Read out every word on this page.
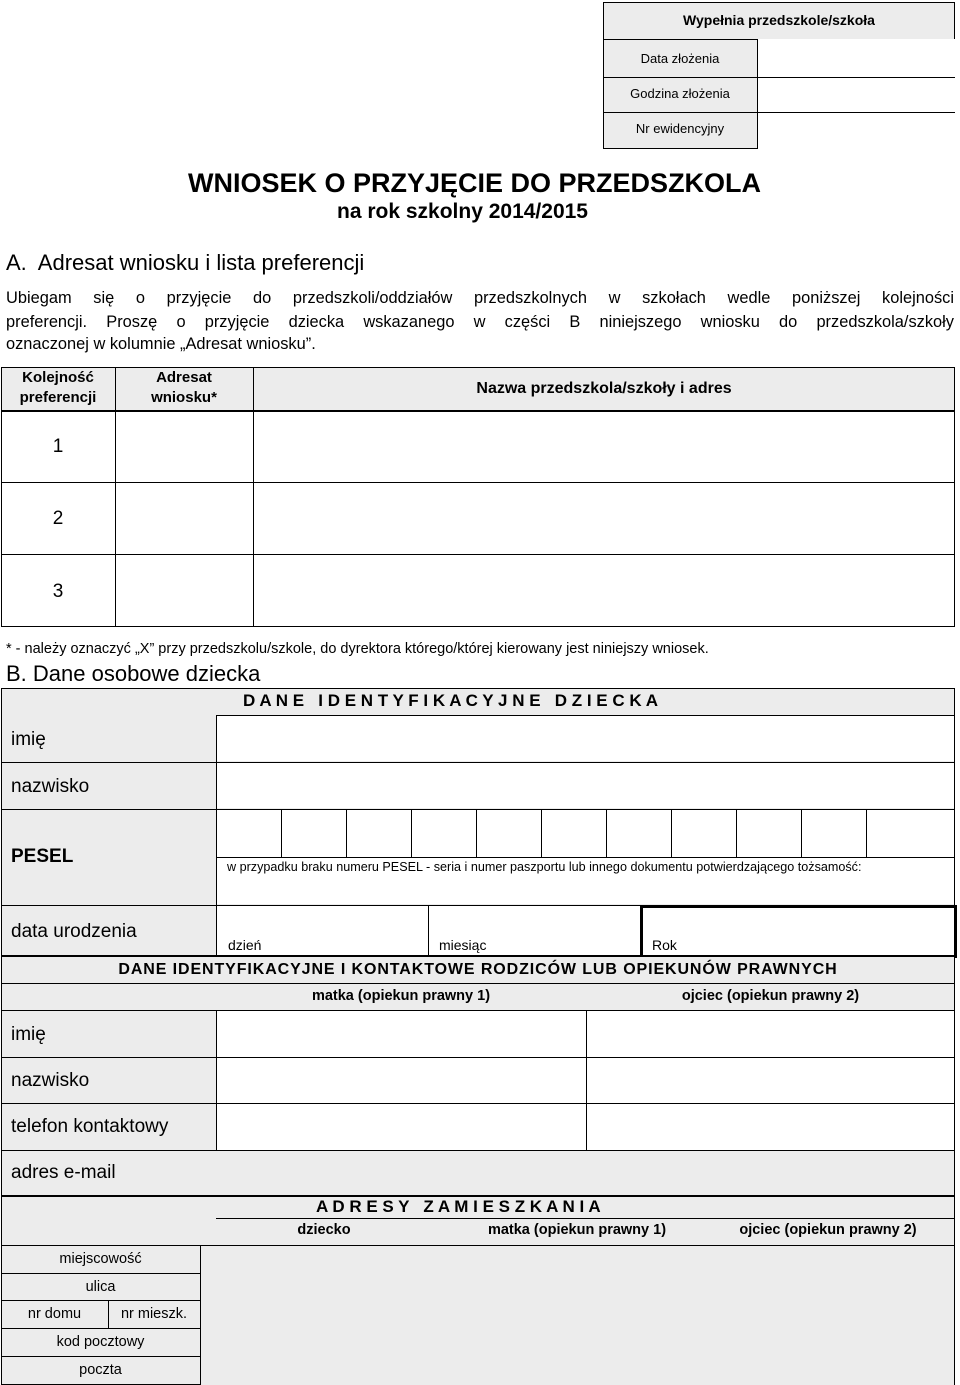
Wypełnia przedszkole/szkoła
Data złożenia
Godzina złożenia
Nr ewidencyjny
WNIOSEK O PRZYJĘCIE DO PRZEDSZKOLA
na rok szkolny 2014/2015
A.  Adresat wniosku i lista preferencji
Ubiegam się o przyjęcie do przedszkoli/oddziałów przedszkolnych w szkołach wedle poniższej kolejności
preferencji. Proszę o przyjęcie dziecka wskazanego w części B niniejszego wniosku do przedszkola/szkoły
oznaczonej w kolumnie „Adresat wniosku”.
Kolejność
preferencji
Adresat
wniosku*
Nazwa przedszkola/szkoły i adres
1
2
3
* - należy oznaczyć „X” przy przedszkolu/szkole, do dyrektora którego/której kierowany jest niniejszy wniosek.
B. Dane osobowe dziecka
D A N E   I D E N T Y F I K A C Y J N E   D Z I E C K A
imię
nazwisko
PESEL	w przypadku braku numeru PESEL - seria i numer paszportu lub innego dokumentu potwierdzającego tożsamość:
data urodzenia
dzień	miesiąc	Rok
DANE IDENTYFIKACYJNE I KONTAKTOWE RODZICÓW LUB OPIEKUNÓW PRAWNYCH
matka (opiekun prawny 1)	ojciec (opiekun prawny 2)
imię
nazwisko
telefon kontaktowy
adres e-mail
A D R E S Y   Z A M I E S Z K A N I A
dziecko	matka (opiekun prawny 1)	ojciec (opiekun prawny 2)
miejscowość
ulica
nr domu	nr mieszk.
kod pocztowy
poczta
